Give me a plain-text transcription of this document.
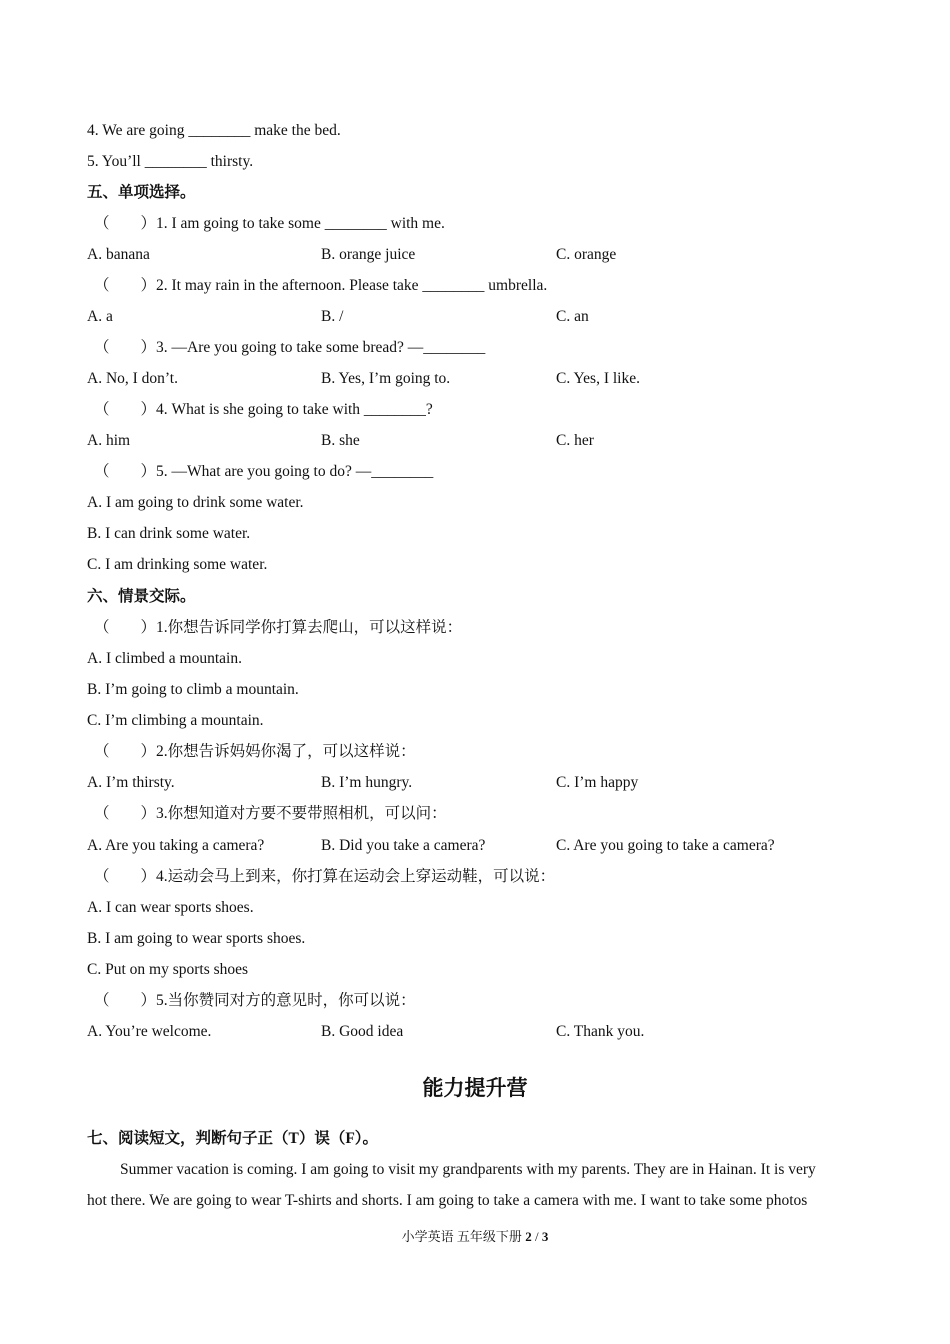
4. We are going ________ make the bed.
5. You’ll ________ thirsty.
五、单项选择。
（　　）1. I am going to take some ________ with me.
A. banana	B. orange juice	C. orange
（　　）2. It may rain in the afternoon. Please take ________ umbrella.
A. a	B. /	C. an
（　　）3. —Are you going to take some bread? —________
A. No, I don’t.	B. Yes, I’m going to.	C. Yes, I like.
（　　）4. What is she going to take with ________?
A. him	B. she	C. her
（　　）5. —What are you going to do? —________
A. I am going to drink some water.
B. I can drink some water.
C. I am drinking some water.
六、情景交际。
（　　）1.你想告诉同学你打算去爬山，可以这样说：
A. I climbed a mountain.
B. I’m going to climb a mountain.
C. I’m climbing a mountain.
（　　）2.你想告诉妈妈你渴了，可以这样说：
A. I’m thirsty.	B. I’m hungry.	C. I’m happy
（　　）3.你想知道对方要不要带照相机，可以问：
A. Are you taking a camera?	B. Did you take a camera?	C. Are you going to take a camera?
（　　）4.运动会马上到来，你打算在运动会上穿运动鞋，可以说：
A. I can wear sports shoes.
B. I am going to wear sports shoes.
C. Put on my sports shoes
（　　）5.当你赞同对方的意见时，你可以说：
A. You’re welcome.	B. Good idea	C. Thank you.
能力提升营
七、阅读短文，判断句子正（T）误（F）。
Summer vacation is coming. I am going to visit my grandparents with my parents. They are in Hainan. It is very
hot there. We are going to wear T-shirts and shorts. I am going to take a camera with me. I want to take some photos
小学英语 五年级下册 2 / 3
